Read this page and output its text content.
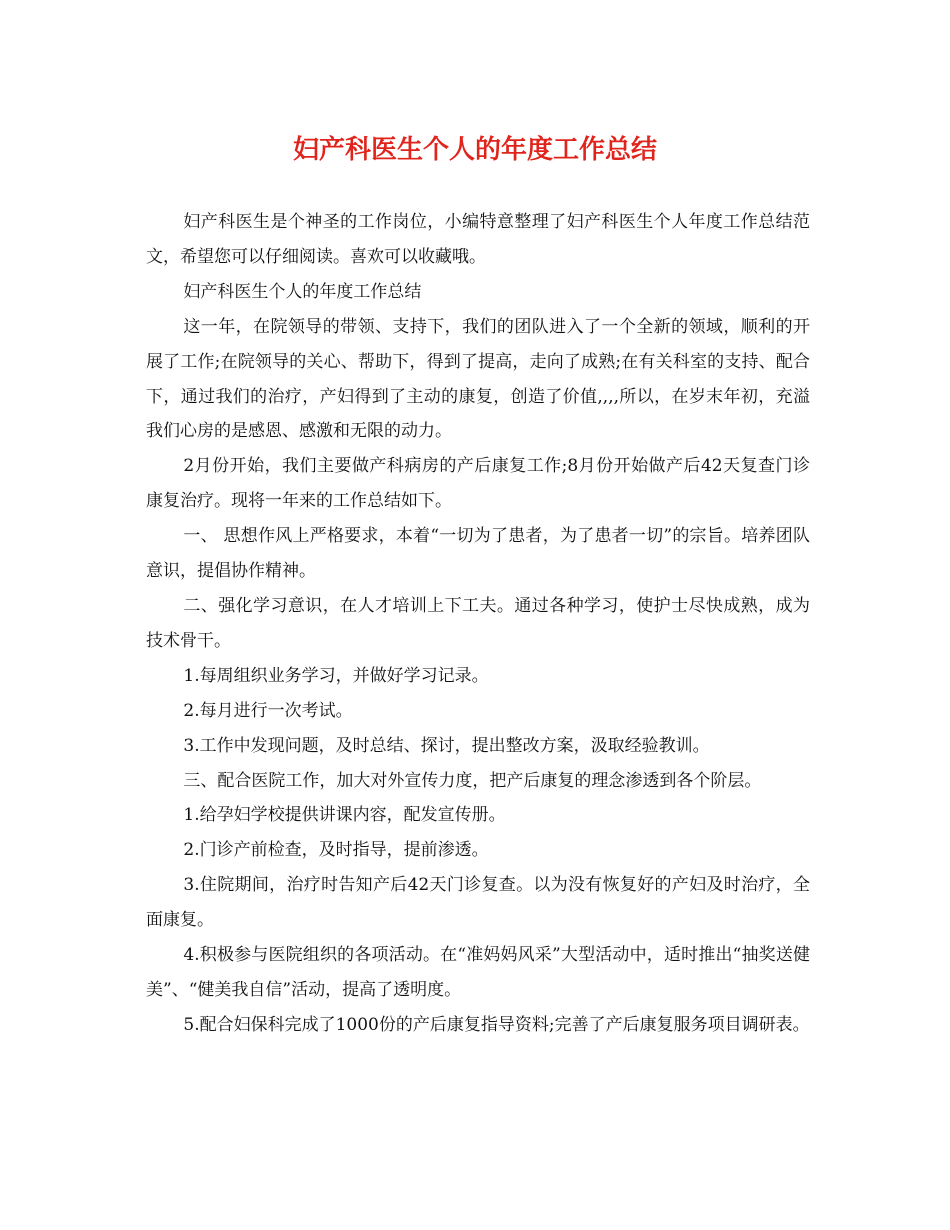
妇产科医生个人的年度工作总结

妇产科医生是个神圣的工作岗位，小编特意整理了妇产科医生个人年度工作总结范文，希望您可以仔细阅读。喜欢可以收藏哦。

妇产科医生个人的年度工作总结

这一年，在院领导的带领、支持下，我们的团队进入了一个全新的领域，顺利的开展了工作;在院领导的关心、帮助下，得到了提高，走向了成熟;在有关科室的支持、配合下，通过我们的治疗，产妇得到了主动的康复，创造了价值,,,,所以，在岁末年初，充溢我们心房的是感恩、感激和无限的动力。

2月份开始，我们主要做产科病房的产后康复工作;8月份开始做产后42天复查门诊康复治疗。现将一年来的工作总结如下。

一、 思想作风上严格要求，本着“一切为了患者，为了患者一切”的宗旨。培养团队意识，提倡协作精神。

二、强化学习意识，在人才培训上下工夫。通过各种学习，使护士尽快成熟，成为技术骨干。

1.每周组织业务学习，并做好学习记录。

2.每月进行一次考试。

3.工作中发现问题，及时总结、探讨，提出整改方案，汲取经验教训。

三、配合医院工作，加大对外宣传力度，把产后康复的理念渗透到各个阶层。

1.给孕妇学校提供讲课内容，配发宣传册。

2.门诊产前检查，及时指导，提前渗透。

3.住院期间，治疗时告知产后42天门诊复查。以为没有恢复好的产妇及时治疗，全面康复。

4.积极参与医院组织的各项活动。在“准妈妈风采”大型活动中，适时推出“抽奖送健美”、“健美我自信”活动，提高了透明度。

5.配合妇保科完成了1000份的产后康复指导资料;完善了产后康复服务项目调研表。
